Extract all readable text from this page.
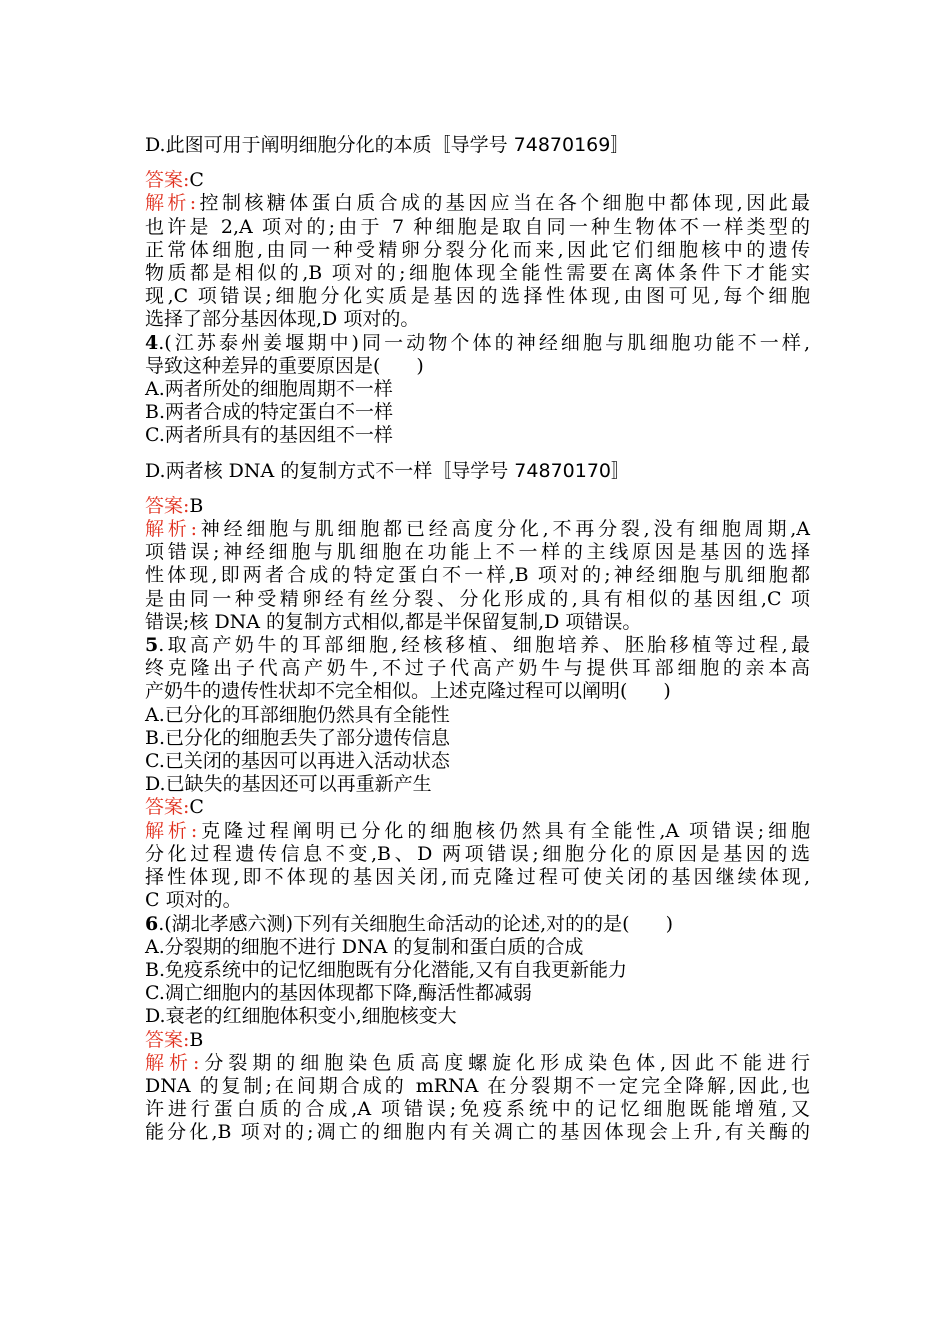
D.此图可用于阐明细胞分化的本质〚导学号 74870169〛
答案:C
解析:控制核糖体蛋白质合成的基因应当在各个细胞中都体现,因此最
也许是 2,A 项对的;由于 7 种细胞是取自同一种生物体不一样类型的
正常体细胞,由同一种受精卵分裂分化而来,因此它们细胞核中的遗传
物质都是相似的,B 项对的;细胞体现全能性需要在离体条件下才能实
现,C 项错误;细胞分化实质是基因的选择性体现,由图可见,每个细胞
选择了部分基因体现,D 项对的。
4.(江苏泰州姜堰期中)同一动物个体的神经细胞与肌细胞功能不一样,
导致这种差异的重要原因是( )
A.两者所处的细胞周期不一样
B.两者合成的特定蛋白不一样
C.两者所具有的基因组不一样
D.两者核 DNA 的复制方式不一样〚导学号 74870170〛
答案:B
解析:神经细胞与肌细胞都已经高度分化,不再分裂,没有细胞周期,A
项错误;神经细胞与肌细胞在功能上不一样的主线原因是基因的选择
性体现,即两者合成的特定蛋白不一样,B 项对的;神经细胞与肌细胞都
是由同一种受精卵经有丝分裂、分化形成的,具有相似的基因组,C 项
错误;核 DNA 的复制方式相似,都是半保留复制,D 项错误。
5.取高产奶牛的耳部细胞,经核移植、细胞培养、胚胎移植等过程,最
终克隆出子代高产奶牛,不过子代高产奶牛与提供耳部细胞的亲本高
产奶牛的遗传性状却不完全相似。上述克隆过程可以阐明( )
A.已分化的耳部细胞仍然具有全能性
B.已分化的细胞丢失了部分遗传信息
C.已关闭的基因可以再进入活动状态
D.已缺失的基因还可以再重新产生
答案:C
解析:克隆过程阐明已分化的细胞核仍然具有全能性,A 项错误;细胞
分化过程遗传信息不变,B、D 两项错误;细胞分化的原因是基因的选
择性体现,即不体现的基因关闭,而克隆过程可使关闭的基因继续体现,
C 项对的。
6.(湖北孝感六测)下列有关细胞生命活动的论述,对的的是( )
A.分裂期的细胞不进行 DNA 的复制和蛋白质的合成
B.免疫系统中的记忆细胞既有分化潜能,又有自我更新能力
C.凋亡细胞内的基因体现都下降,酶活性都减弱
D.衰老的红细胞体积变小,细胞核变大
答案:B
解析:分裂期的细胞染色质高度螺旋化形成染色体,因此不能进行
DNA 的复制;在间期合成的 mRNA 在分裂期不一定完全降解,因此,也
许进行蛋白质的合成,A 项错误;免疫系统中的记忆细胞既能增殖,又
能分化,B 项对的;凋亡的细胞内有关凋亡的基因体现会上升,有关酶的
